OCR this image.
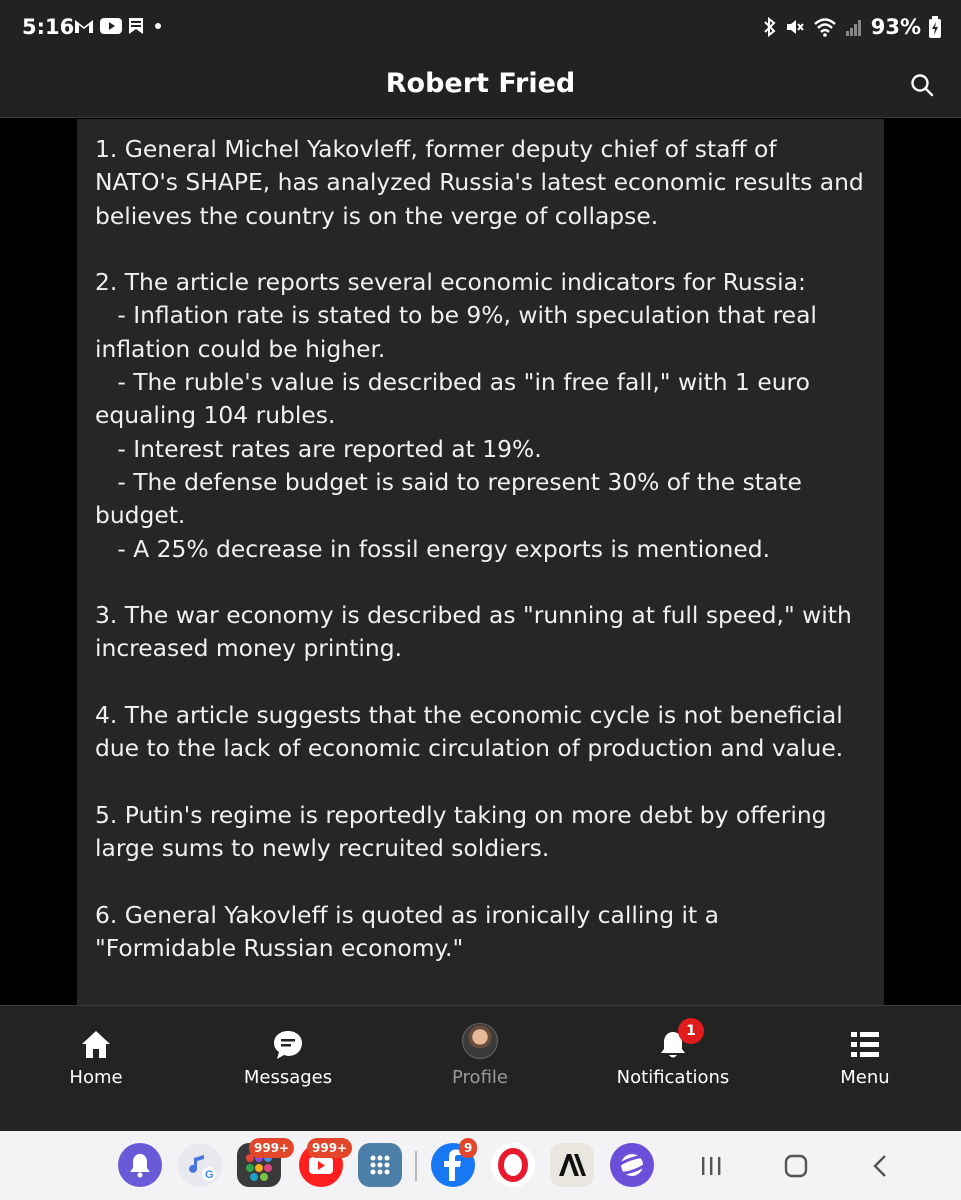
5:16	93%
Robert Fried

1. General Michel Yakovleff, former deputy chief of staff of NATO's SHAPE, has analyzed Russia's latest economic results and believes the country is on the verge of collapse.

2. The article reports several economic indicators for Russia:

- Inflation rate is stated to be 9%, with speculation that real inflation could be higher.

- The ruble's value is described as "in free fall," with 1 euro equaling 104 rubles.

- Interest rates are reported at 19%.

- The defense budget is said to represent 30% of the state budget.

- A 25% decrease in fossil energy exports is mentioned.

3. The war economy is described as "running at full speed," with increased money printing.

4. The article suggests that the economic cycle is not beneficial due to the lack of economic circulation of production and value.

5. Putin's regime is reportedly taking on more debt by offering large sums to newly recruited soldiers.

6. General Yakovleff is quoted as ironically calling it a "Formidable Russian economy."

Home	Messages	Profile
1
Notifications	Menu
G
999+	999+	9
